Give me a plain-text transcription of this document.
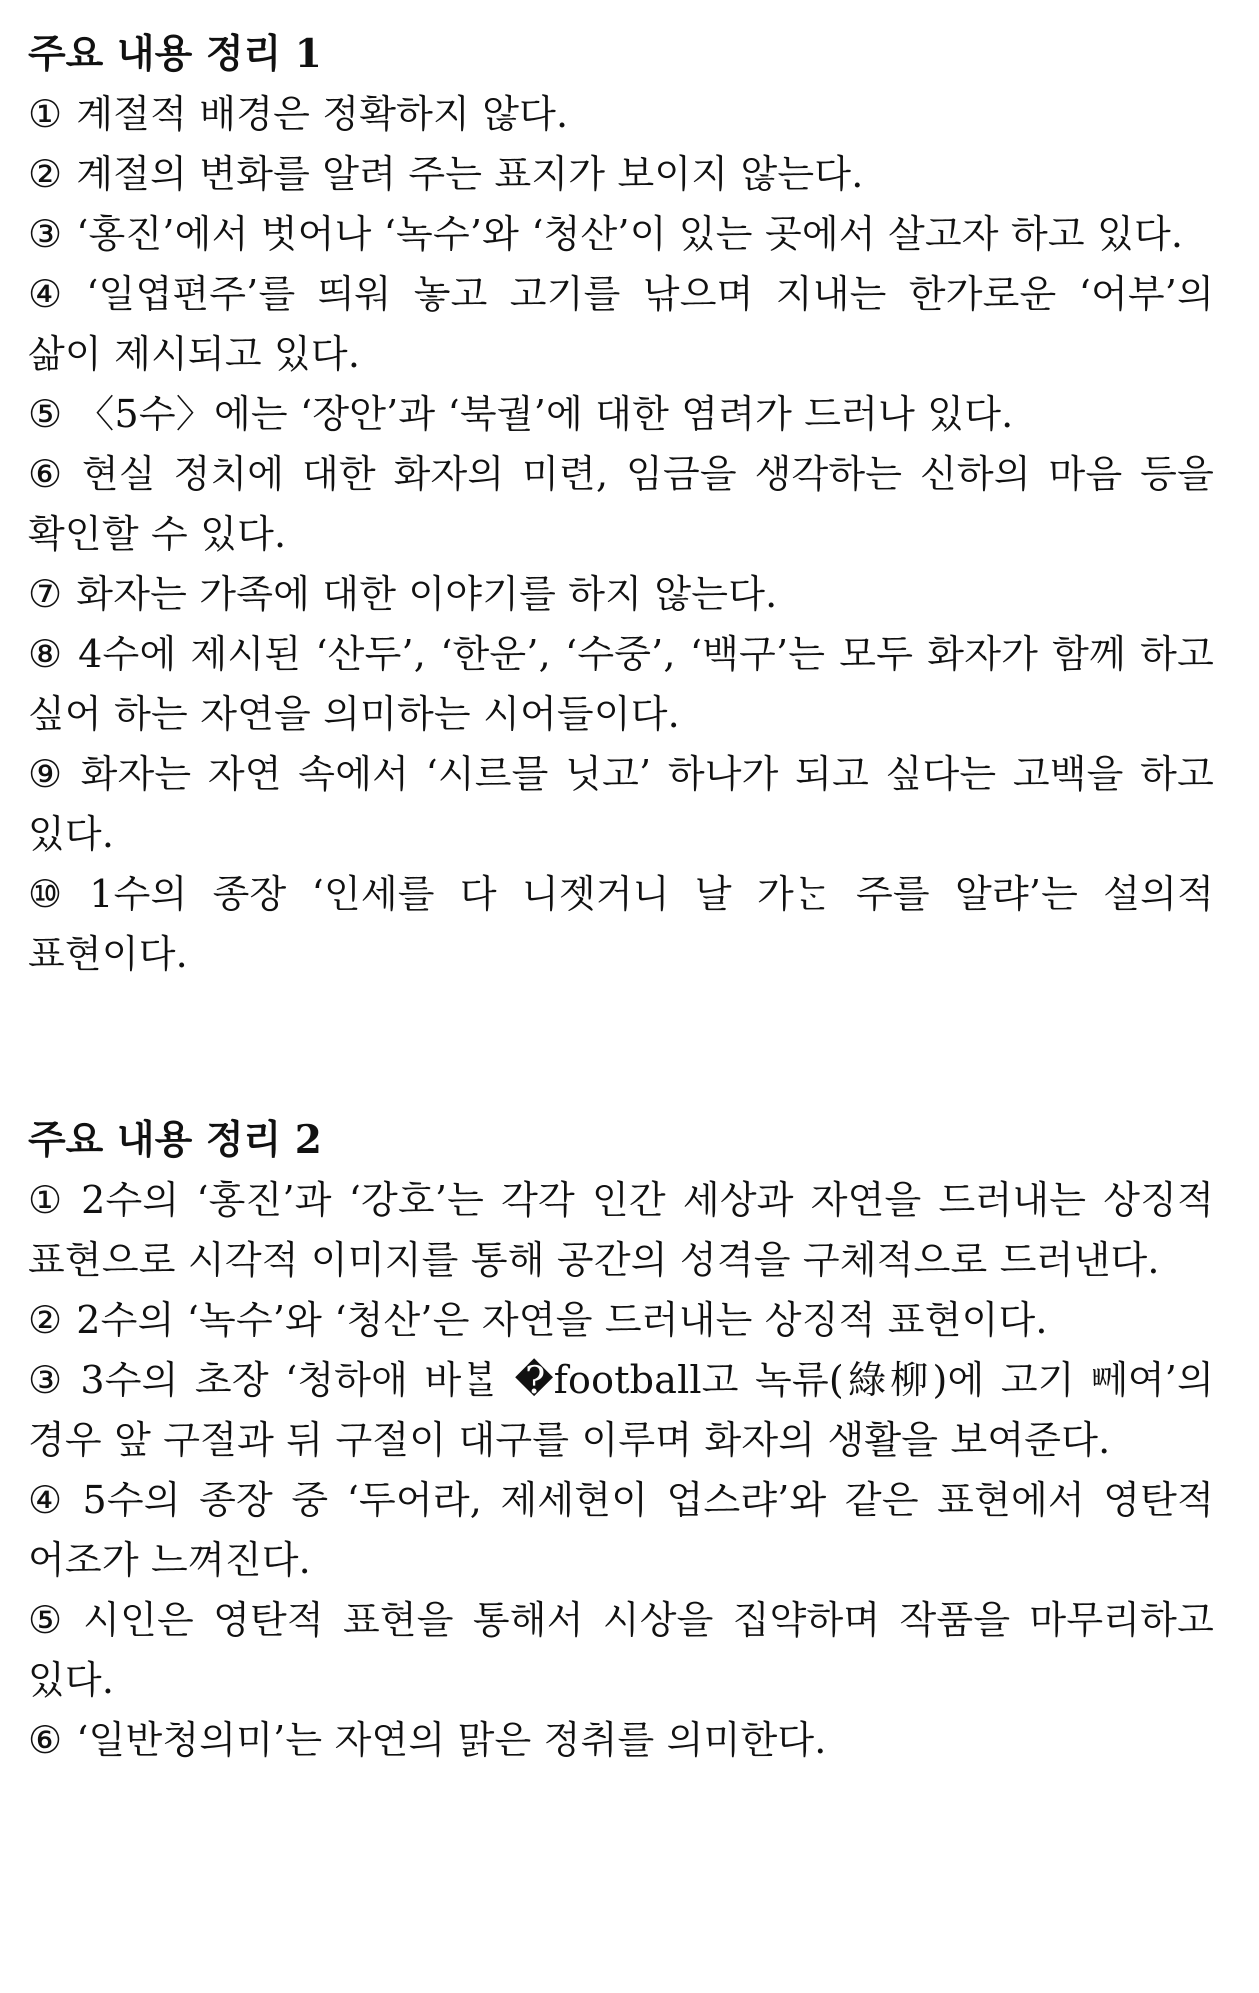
주요 내용 정리 1
① 계절적 배경은 정확하지 않다.
② 계절의 변화를 알려 주는 표지가 보이지 않는다.
③ ‘홍진’에서 벗어나 ‘녹수’와 ‘청산’이 있는 곳에서 살고자 하고 있다.
④ ‘일엽편주’를 띄워 놓고 고기를 낚으며 지내는 한가로운 ‘어부’의 삶이 제시되고 있다.
⑤ 〈5수〉에는 ‘장안’과 ‘북궐’에 대한 염려가 드러나 있다.
⑥ 현실 정치에 대한 화자의 미련, 임금을 생각하는 신하의 마음 등을 확인할 수 있다.
⑦ 화자는 가족에 대한 이야기를 하지 않는다.
⑧ 4수에 제시된 ‘산두’, ‘한운’, ‘수중’, ‘백구’는 모두 화자가 함께 하고 싶어 하는 자연을 의미하는 시어들이다.
⑨ 화자는 자연 속에서 ‘시르믈 닛고’ 하나가 되고 싶다는 고백을 하고 있다.
⑩ 1수의 종장 ‘인세를 다 니젯거니 날 가ᄂᆞᆫ 주를 알랴’는 설의적 표현이다.
주요 내용 정리 2
① 2수의 ‘홍진’과 ‘강호’는 각각 인간 세상과 자연을 드러내는 상징적 표현으로 시각적 이미지를 통해 공간의 성격을 구체적으로 드러낸다.
② 2수의 ‘녹수’와 ‘청산’은 자연을 드러내는 상징적 표현이다.
③ 3수의 초장 ‘청하애 바ᄇᆞᆯ �football고 녹류(綠柳)에 고기 ᄢᅦ여’의 경우 앞 구절과 뒤 구절이 대구를 이루며 화자의 생활을 보여준다.
④ 5수의 종장 중 ‘두어라, 제세현이 업스랴’와 같은 표현에서 영탄적 어조가 느껴진다.
⑤ 시인은 영탄적 표현을 통해서 시상을 집약하며 작품을 마무리하고 있다.
⑥ ‘일반청의미’는 자연의 맑은 정취를 의미한다.
